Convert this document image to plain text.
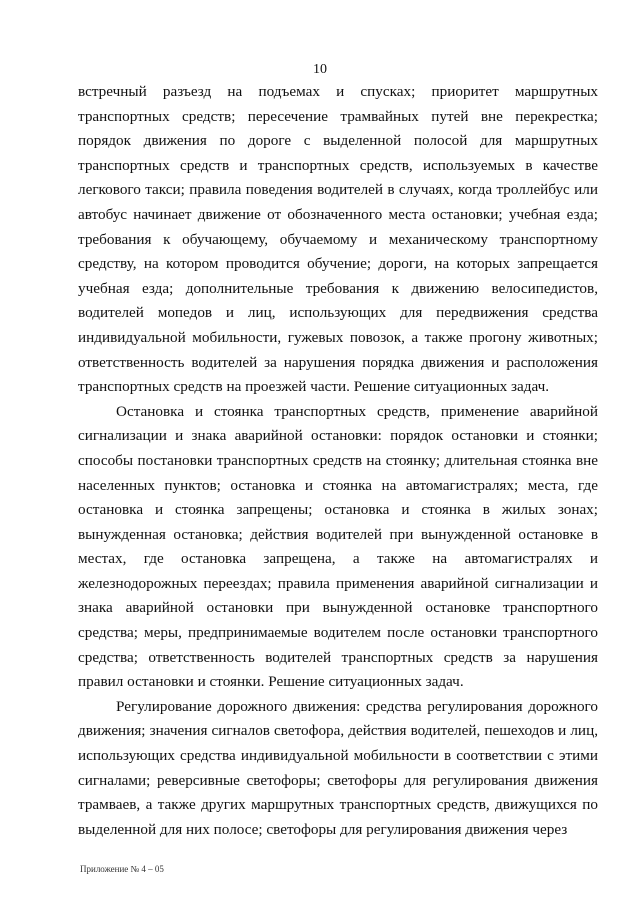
10

встречный разъезд на подъемах и спусках; приоритет маршрутных транспортных средств; пересечение трамвайных путей вне перекрестка; порядок движения по дороге с выделенной полосой для маршрутных транспортных средств и транспортных средств, используемых в качестве легкового такси; правила поведения водителей в случаях, когда троллейбус или автобус начинает движение от обозначенного места остановки; учебная езда; требования к обучающему, обучаемому и механическому транспортному средству, на котором проводится обучение; дороги, на которых запрещается учебная езда; дополнительные требования к движению велосипедистов, водителей мопедов и лиц, использующих для передвижения средства индивидуальной мобильности, гужевых повозок, а также прогону животных; ответственность водителей за нарушения порядка движения и расположения транспортных средств на проезжей части. Решение ситуационных задач.

Остановка и стоянка транспортных средств, применение аварийной сигнализации и знака аварийной остановки: порядок остановки и стоянки; способы постановки транспортных средств на стоянку; длительная стоянка вне населенных пунктов; остановка и стоянка на автомагистралях; места, где остановка и стоянка запрещены; остановка и стоянка в жилых зонах; вынужденная остановка; действия водителей при вынужденной остановке в местах, где остановка запрещена, а также на автомагистралях и железнодорожных переездах; правила применения аварийной сигнализации и знака аварийной остановки при вынужденной остановке транспортного средства; меры, предпринимаемые водителем после остановки транспортного средства; ответственность водителей транспортных средств за нарушения правил остановки и стоянки. Решение ситуационных задач.

Регулирование дорожного движения: средства регулирования дорожного движения; значения сигналов светофора, действия водителей, пешеходов и лиц, использующих средства индивидуальной мобильности в соответствии с этими сигналами; реверсивные светофоры; светофоры для регулирования движения трамваев, а также других маршрутных транспортных средств, движущихся по выделенной для них полосе; светофоры для регулирования движения через

Приложение № 4 – 05
